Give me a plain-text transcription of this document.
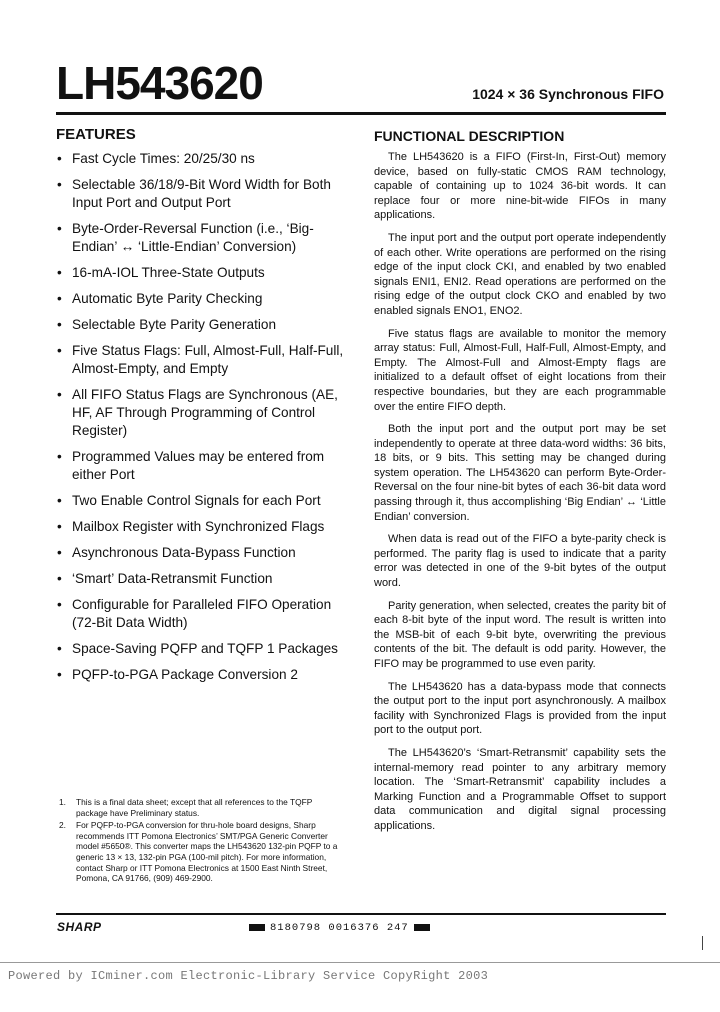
LH543620	1024 × 36 Synchronous FIFO
FEATURES
• Fast Cycle Times: 20/25/30 ns
• Selectable 36/18/9-Bit Word Width for Both Input Port and Output Port
• Byte-Order-Reversal Function (i.e., ‘Big-Endian’ ↔ ‘Little-Endian’ Conversion)
• 16-mA-IOL Three-State Outputs
• Automatic Byte Parity Checking
• Selectable Byte Parity Generation
• Five Status Flags: Full, Almost-Full, Half-Full, Almost-Empty, and Empty
• All FIFO Status Flags are Synchronous (AE, HF, AF Through Programming of Control Register)
• Programmed Values may be entered from either Port
• Two Enable Control Signals for each Port
• Mailbox Register with Synchronized Flags
• Asynchronous Data-Bypass Function
• ‘Smart’ Data-Retransmit Function
• Configurable for Paralleled FIFO Operation (72-Bit Data Width)
• Space-Saving PQFP and TQFP 1 Packages
• PQFP-to-PGA Package Conversion 2
FUNCTIONAL DESCRIPTION

The LH543620 is a FIFO (First-In, First-Out) memory device, based on fully-static CMOS RAM technology, capable of containing up to 1024 36-bit words. It can replace four or more nine-bit-wide FIFOs in many applications.

The input port and the output port operate independently of each other. Write operations are performed on the rising edge of the input clock CKI, and enabled by two enabled signals ENI1, ENI2. Read operations are performed on the rising edge of the output clock CKO and enabled by two enabled signals ENO1, ENO2.

Five status flags are available to monitor the memory array status: Full, Almost-Full, Half-Full, Almost-Empty, and Empty. The Almost-Full and Almost-Empty flags are initialized to a default offset of eight locations from their respective boundaries, but they are each programmable over the entire FIFO depth.

Both the input port and the output port may be set independently to operate at three data-word widths: 36 bits, 18 bits, or 9 bits. This setting may be changed during system operation. The LH543620 can perform Byte-Order-Reversal on the four nine-bit bytes of each 36-bit data word passing through it, thus accomplishing ‘Big Endian’ ↔ ‘Little Endian’ conversion.

When data is read out of the FIFO a byte-parity check is performed. The parity flag is used to indicate that a parity error was detected in one of the 9-bit bytes of the output word.

Parity generation, when selected, creates the parity bit of each 8-bit byte of the input word. The result is written into the MSB-bit of each 9-bit byte, overwriting the previous contents of the bit. The default is odd parity. However, the FIFO may be programmed to use even parity.

The LH543620 has a data-bypass mode that connects the output port to the input port asynchronously. A mailbox facility with Synchronized Flags is provided from the input port to the output port.

The LH543620’s ‘Smart-Retransmit’ capability sets the internal-memory read pointer to any arbitrary memory location. The ‘Smart-Retransmit’ capability includes a Marking Function and a Programmable Offset to support data communication and digital signal processing applications.

1. This is a final data sheet; except that all references to the TQFP package have Preliminary status.
2. For PQFP-to-PGA conversion for thru-hole board designs, Sharp recommends ITT Pomona Electronics’ SMT/PGA Generic Converter model #5650®. This converter maps the LH543620 132-pin PQFP to a generic 13 × 13, 132-pin PGA (100-mil pitch). For more information, contact Sharp or ITT Pomona Electronics at 1500 East Ninth Street, Pomona, CA 91766, (909) 469-2900.
SHARP	8180798 0016376 247
Powered by ICminer.com Electronic-Library Service CopyRight 2003
